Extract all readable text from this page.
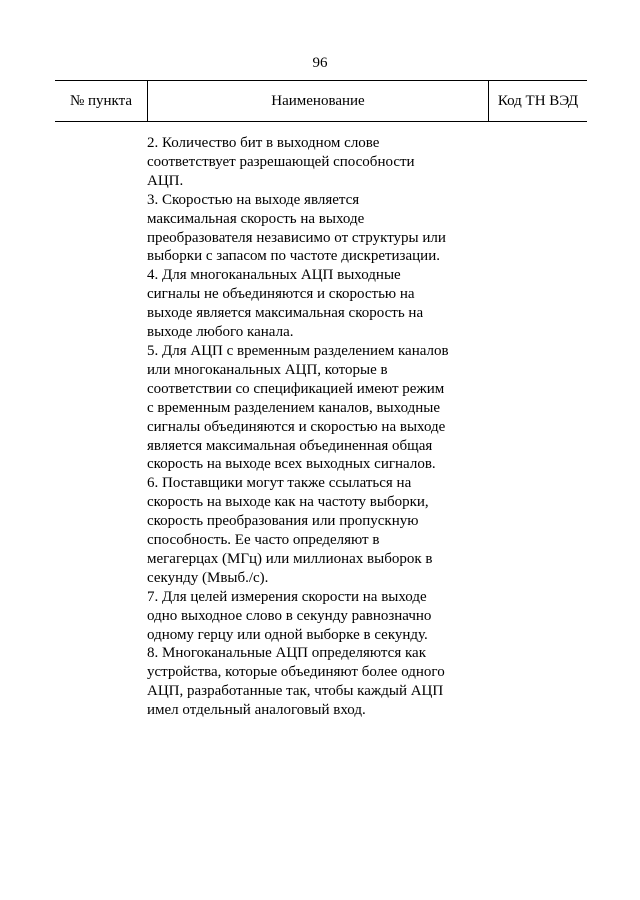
96
№ пункта	Наименование	Код ТН ВЭД

2. Количество бит в выходном слове
соответствует разрешающей способности
АЦП.

3. Скоростью на выходе является
максимальная скорость на выходе
преобразователя независимо от структуры или
выборки с запасом по частоте дискретизации.

4. Для многоканальных АЦП выходные
сигналы не объединяются и скоростью на
выходе является максимальная скорость на
выходе любого канала.

5. Для АЦП с временным разделением каналов
или многоканальных АЦП, которые в
соответствии со спецификацией имеют режим
с временным разделением каналов, выходные
сигналы объединяются и скоростью на выходе
является максимальная объединенная общая
скорость на выходе всех выходных сигналов.

6. Поставщики могут также ссылаться на
скорость на выходе как на частоту выборки,
скорость преобразования или пропускную
способность. Ее часто определяют в
мегагерцах (МГц) или миллионах выборок в
секунду (Мвыб./с).

7. Для целей измерения скорости на выходе
одно выходное слово в секунду равнозначно
одному герцу или одной выборке в секунду.

8. Многоканальные АЦП определяются как
устройства, которые объединяют более одного
АЦП, разработанные так, чтобы каждый АЦП
имел отдельный аналоговый вход.
